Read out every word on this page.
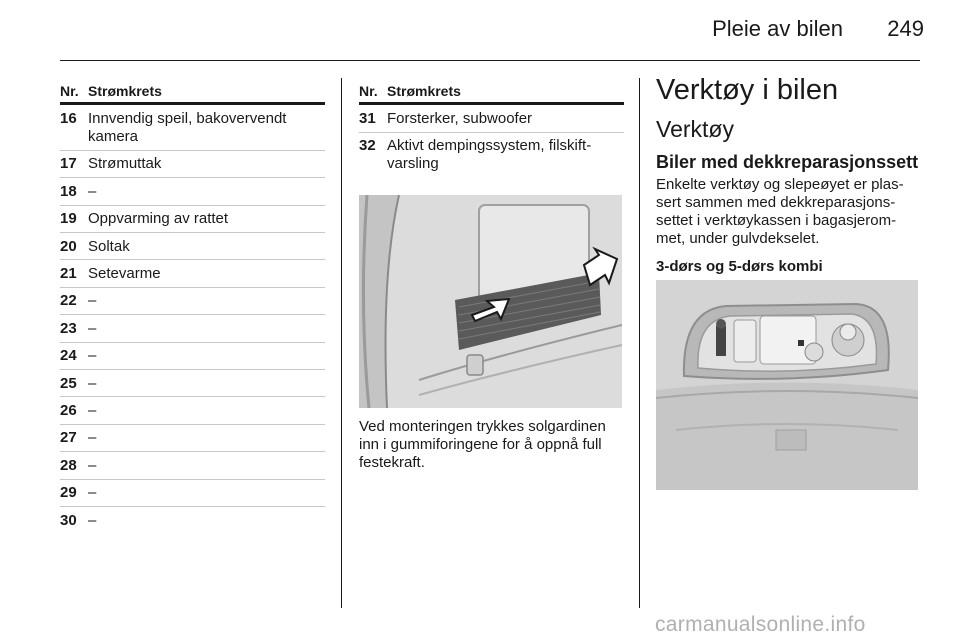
Pleie av bilen	249
Nr. Strømkrets
16 Innvendig speil, bakovervendt
kamera
17 Strømuttak
18 –
19 Oppvarming av rattet
20 Soltak
21 Setevarme
22 –
23 –
24 –
25 –
26 –
27 –
28 –
29 –
30 –
Nr. Strømkrets
31 Forsterker, subwoofer
32 Aktivt dempingssystem, filskift-
varsling
Ved monteringen trykkes solgardinen
inn i gummiforingene for å oppnå full
festekraft.
Verktøy i bilen
Verktøy
Biler med dekkreparasjonssett
Enkelte verktøy og slepeøyet er plas-
sert sammen med dekkreparasjons-
settet i verktøykassen i bagasjerom-
met, under gulvdekselet.
3-dørs og 5-dørs kombi
carmanualsonline.info
